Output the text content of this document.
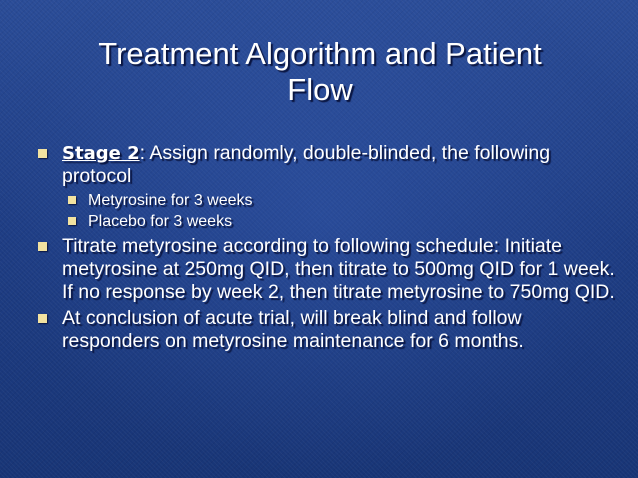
Treatment Algorithm and Patient
Flow
Stage 2: Assign randomly, double-blinded, the following protocol
Metyrosine for 3 weeks
Placebo for 3 weeks
Titrate metyrosine according to following schedule: Initiate metyrosine at 250mg QID, then titrate to 500mg QID for 1 week. If no response by week 2, then titrate metyrosine to 750mg QID.
At conclusion of acute trial, will break blind and follow responders on metyrosine maintenance for 6 months.
